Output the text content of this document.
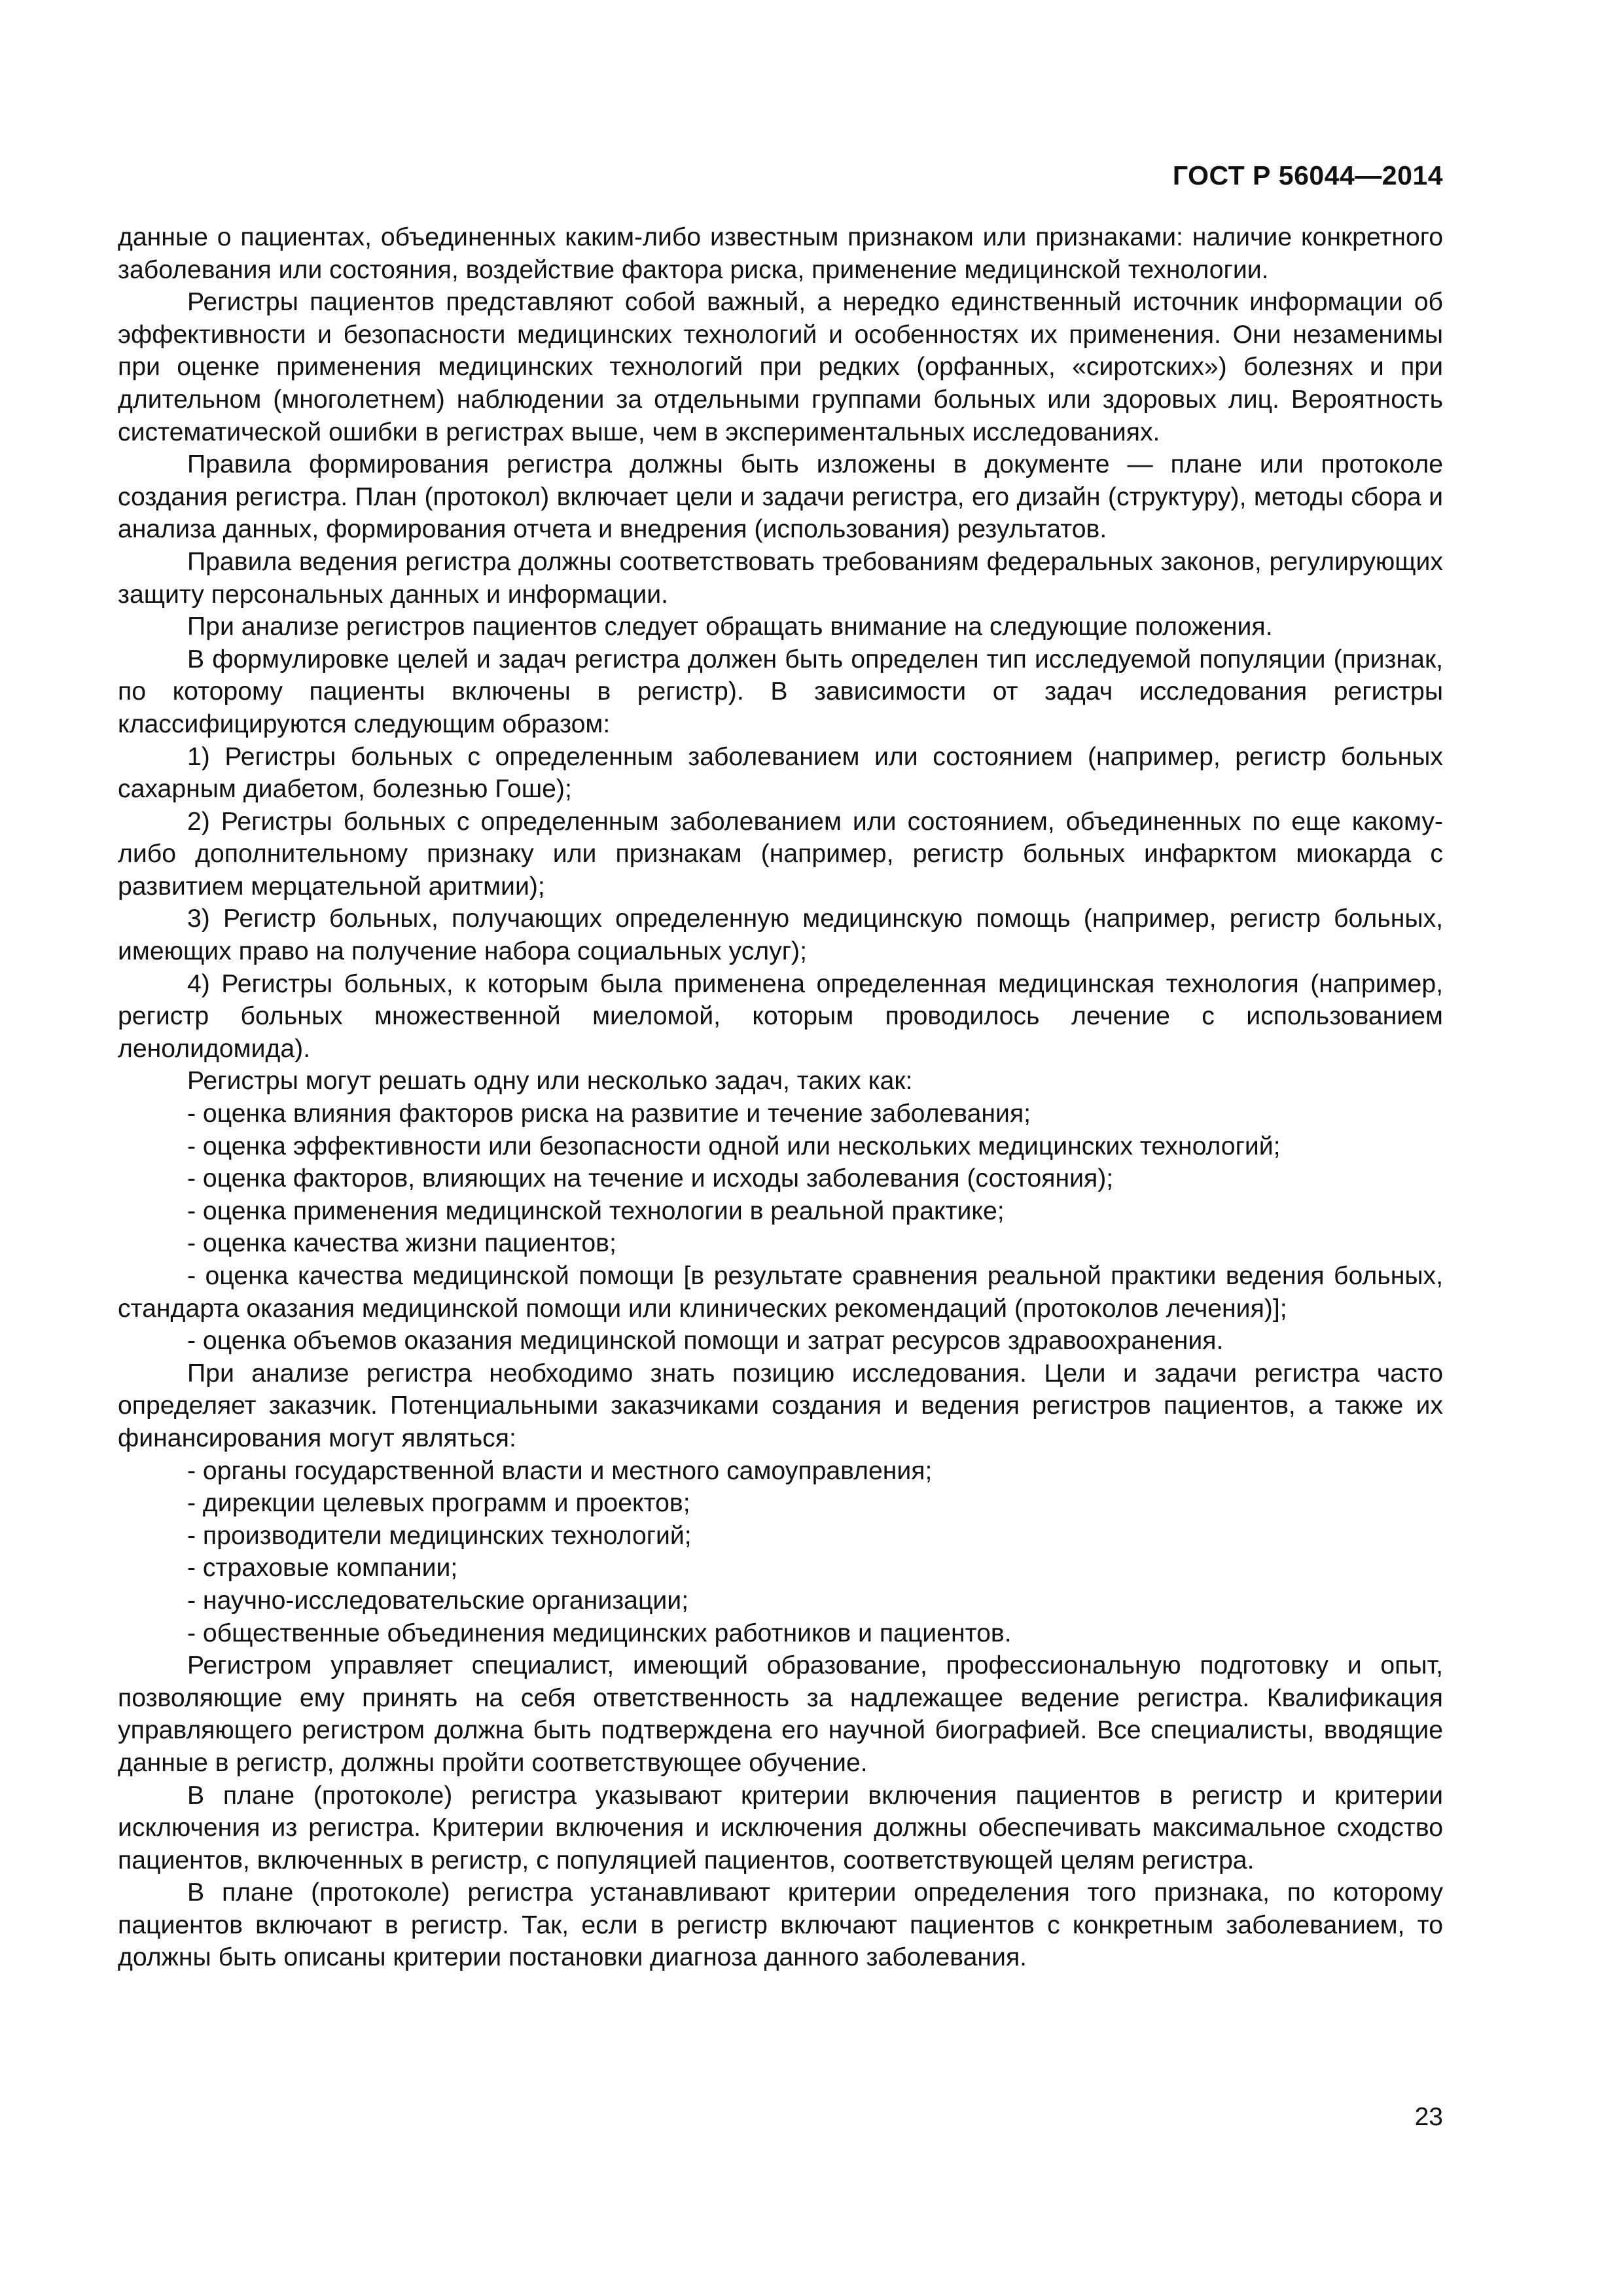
ГОСТ Р 56044—2014

данные о пациентах, объединенных каким-либо известным признаком или признаками: наличие конкретного заболевания или состояния, воздействие фактора риска, применение медицинской технологии.

Регистры пациентов представляют собой важный, а нередко единственный источник информации об эффективности и безопасности медицинских технологий и особенностях их применения. Они незаменимы при оценке применения медицинских технологий при редких (орфанных, «сиротских») болезнях и при длительном (многолетнем) наблюдении за отдельными группами больных или здоровых лиц. Вероятность систематической ошибки в регистрах выше, чем в экспериментальных исследованиях.

Правила формирования регистра должны быть изложены в документе — плане или протоколе создания регистра. План (протокол) включает цели и задачи регистра, его дизайн (структуру), методы сбора и анализа данных, формирования отчета и внедрения (использования) результатов.

Правила ведения регистра должны соответствовать требованиям федеральных законов, регулирующих защиту персональных данных и информации.

При анализе регистров пациентов следует обращать внимание на следующие положения.

В формулировке целей и задач регистра должен быть определен тип исследуемой популяции (признак, по которому пациенты включены в регистр). В зависимости от задач исследования регистры классифицируются следующим образом:

1) Регистры больных с определенным заболеванием или состоянием (например, регистр больных сахарным диабетом, болезнью Гоше);

2) Регистры больных с определенным заболеванием или состоянием, объединенных по еще какому-либо дополнительному признаку или признакам (например, регистр больных инфарктом миокарда с развитием мерцательной аритмии);

3) Регистр больных, получающих определенную медицинскую помощь (например, регистр больных, имеющих право на получение набора социальных услуг);

4) Регистры больных, к которым была применена определенная медицинская технология (например, регистр больных множественной миеломой, которым проводилось лечение с использованием ленолидомида).

Регистры могут решать одну или несколько задач, таких как:

- оценка влияния факторов риска на развитие и течение заболевания;

- оценка эффективности или безопасности одной или нескольких медицинских технологий;

- оценка факторов, влияющих на течение и исходы заболевания (состояния);

- оценка применения медицинской технологии в реальной практике;

- оценка качества жизни пациентов;

- оценка качества медицинской помощи [в результате сравнения реальной практики ведения больных, стандарта оказания медицинской помощи или клинических рекомендаций (протоколов лечения)];

- оценка объемов оказания медицинской помощи и затрат ресурсов здравоохранения.

При анализе регистра необходимо знать позицию исследования. Цели и задачи регистра часто определяет заказчик. Потенциальными заказчиками создания и ведения регистров пациентов, а также их финансирования могут являться:

- органы государственной власти и местного самоуправления;

- дирекции целевых программ и проектов;

- производители медицинских технологий;

- страховые компании;

- научно-исследовательские организации;

- общественные объединения медицинских работников и пациентов.

Регистром управляет специалист, имеющий образование, профессиональную подготовку и опыт, позволяющие ему принять на себя ответственность за надлежащее ведение регистра. Квалификация управляющего регистром должна быть подтверждена его научной биографией. Все специалисты, вводящие данные в регистр, должны пройти соответствующее обучение.

В плане (протоколе) регистра указывают критерии включения пациентов в регистр и критерии исключения из регистра. Критерии включения и исключения должны обеспечивать максимальное сходство пациентов, включенных в регистр, с популяцией пациентов, соответствующей целям регистра.

В плане (протоколе) регистра устанавливают критерии определения того признака, по которому пациентов включают в регистр. Так, если в регистр включают пациентов с конкретным заболеванием, то должны быть описаны критерии постановки диагноза данного заболевания.

23
